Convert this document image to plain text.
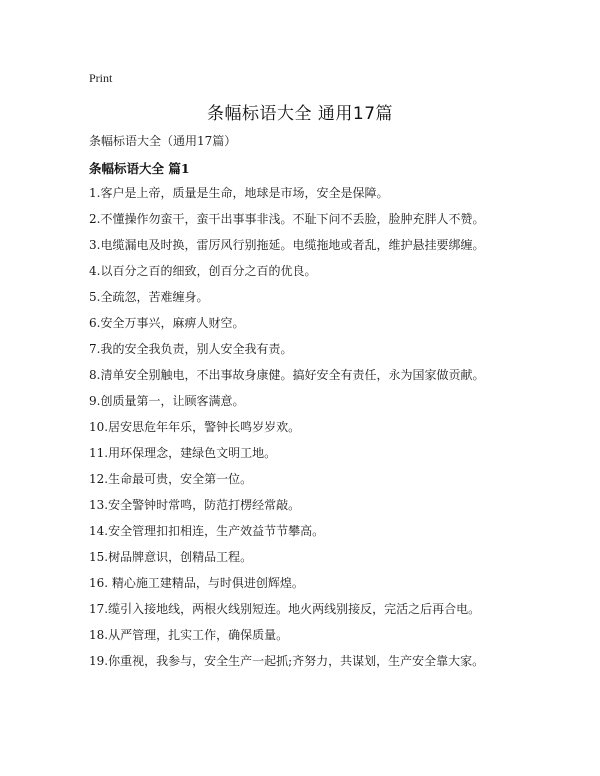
Print
条幅标语大全 通用17篇
条幅标语大全（通用17篇）
条幅标语大全 篇1
1.客户是上帝，质量是生命，地球是市场，安全是保障。
2.不懂操作勿蛮干，蛮干出事事非浅。不耻下问不丢脸，脸肿充胖人不赞。
3.电缆漏电及时换，雷厉风行别拖延。电缆拖地或者乱，维护悬挂要绑缠。
4.以百分之百的细致，创百分之百的优良。
5.全疏忽，苦难缠身。
6.安全万事兴，麻痹人财空。
7.我的安全我负责，别人安全我有责。
8.清单安全别触电，不出事故身康健。搞好安全有责任，永为国家做贡献。
9.创质量第一，让顾客满意。
10.居安思危年年乐，警钟长鸣岁岁欢。
11.用环保理念，建绿色文明工地。
12.生命最可贵，安全第一位。
13.安全警钟时常鸣，防范打楞经常敲。
14.安全管理扣扣相连，生产效益节节攀高。
15.树品牌意识，创精品工程。
16. 精心施工建精品，与时俱进创辉煌。
17.缆引入接地线，两根火线别短连。地火两线别接反，完活之后再合电。
18.从严管理，扎实工作，确保质量。
19.你重视，我参与，安全生产一起抓;齐努力，共谋划，生产安全靠大家。
